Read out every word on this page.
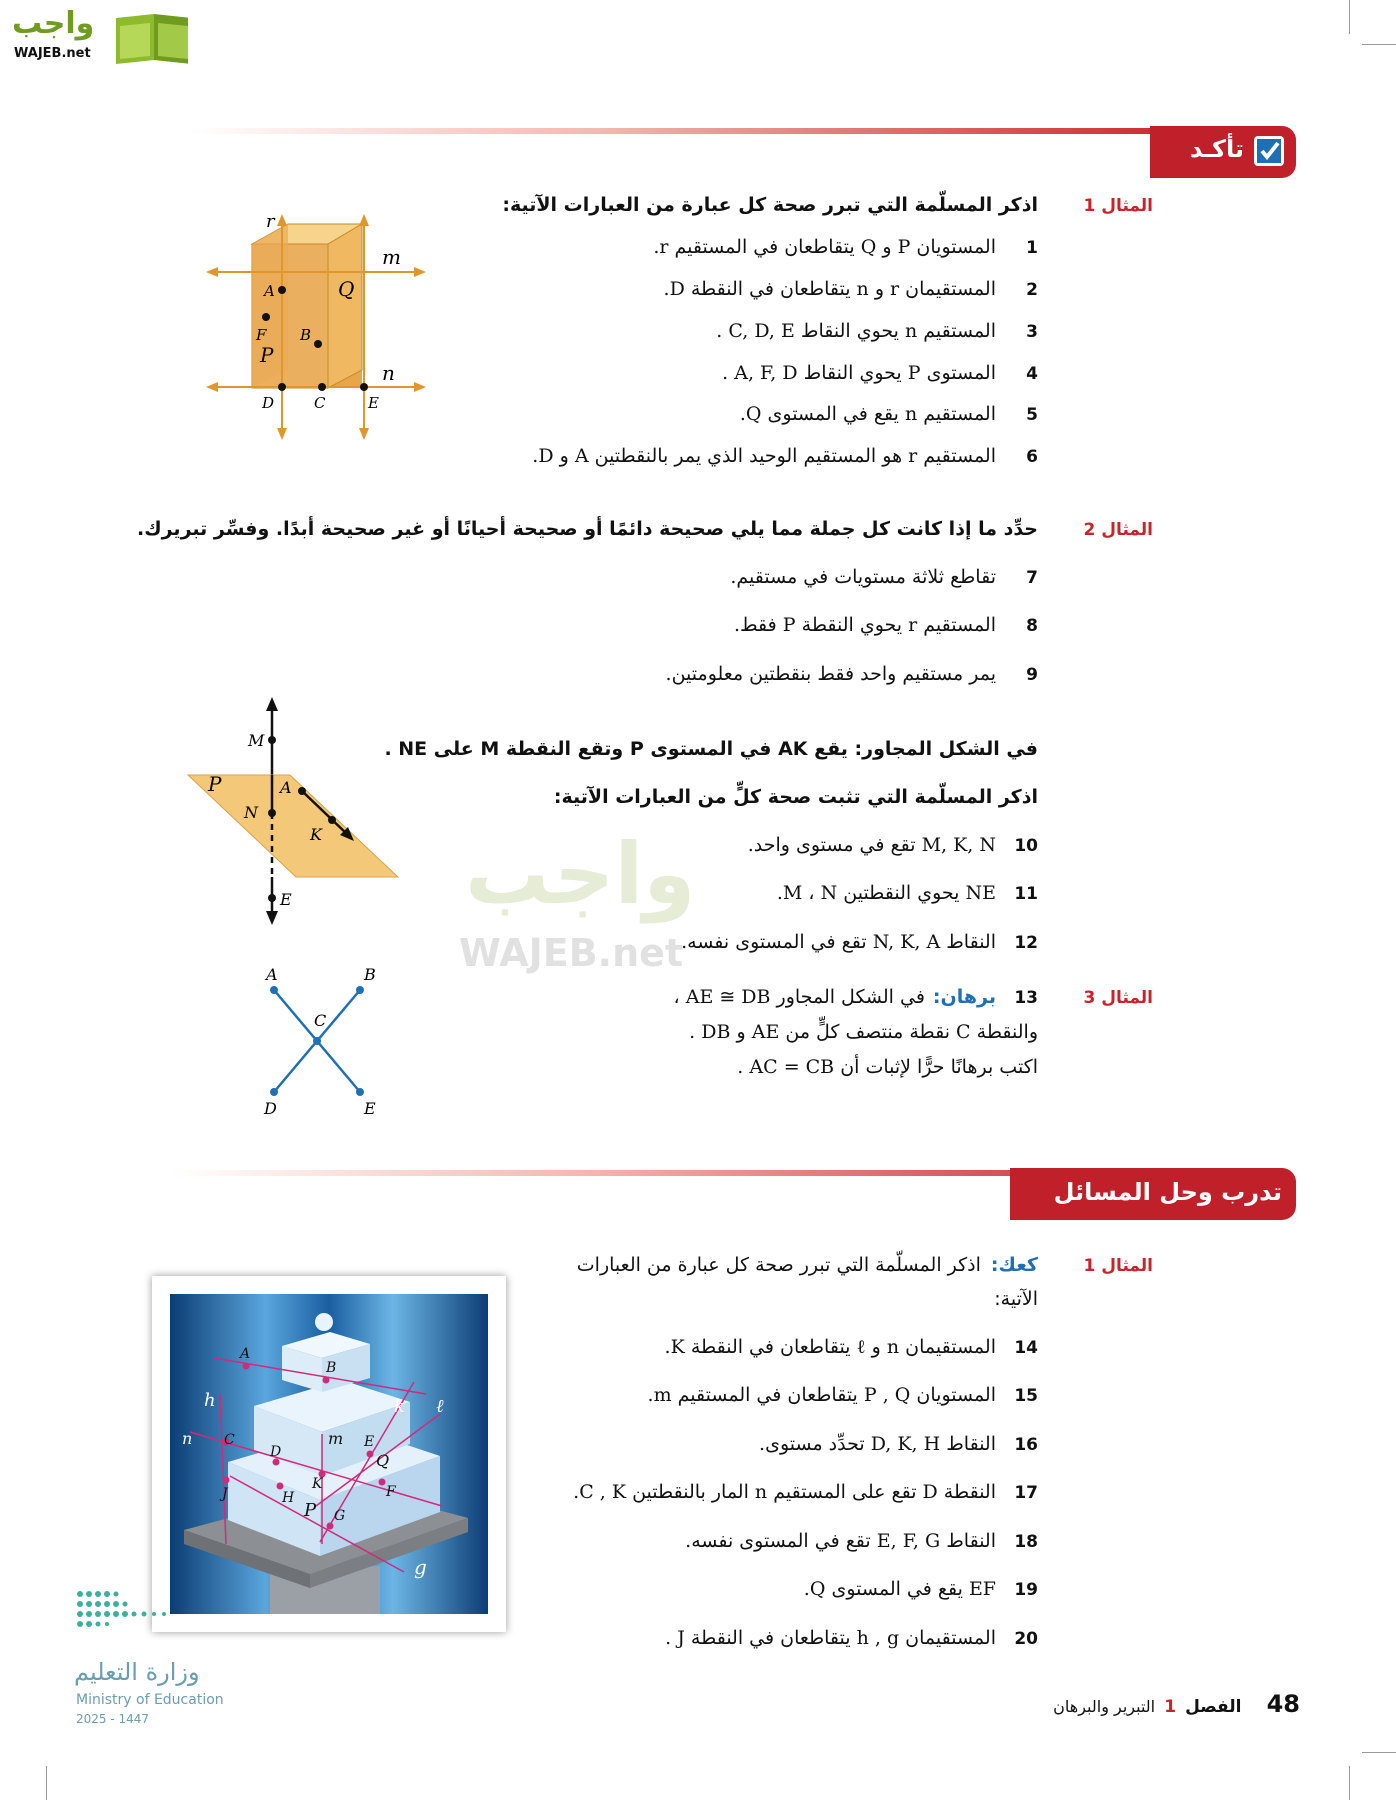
واجب
WAJEB.net
تأكـد
المثال 1
اذكر المسلّمة التي تبرر صحة كل عبارة من العبارات الآتية:
1المستويان P و Q يتقاطعان في المستقيم r.
2المستقيمان r و n يتقاطعان في النقطة D.
3المستقيم n يحوي النقاط C, D, E .
4المستوى P يحوي النقاط A, F, D .
5المستقيم n يقع في المستوى Q.
6المستقيم r هو المستقيم الوحيد الذي يمر بالنقطتين A و D.
r
m
n
A	Q
F B
P
D	C	E
المثال 2
حدِّد ما إذا كانت كل جملة مما يلي صحيحة دائمًا أو صحيحة أحيانًا أو غير صحيحة أبدًا. وفسِّر تبريرك.
7تقاطع ثلاثة مستويات في مستقيم.
8المستقيم r يحوي النقطة P فقط.
9يمر مستقيم واحد فقط بنقطتين معلومتين.
في الشكل المجاور: يقع AK في المستوى P وتقع النقطة M على NE .
اذكر المسلّمة التي تثبت صحة كلٍّ من العبارات الآتية:
10M, K, N تقع في مستوى واحد.
11NE يحوي النقطتين M ، N.
12النقاط N, K, A تقع في المستوى نفسه.
واجب
WAJEB.net
M
P	A
N
K
E
المثال 3
13برهان:في الشكل المجاور AE ≅ DB ،
والنقطة C نقطة منتصف كلٍّ من AE و DB .
اكتب برهانًا حرًّا لإثبات أن AC = CB .
A	B
C
D	E
تدرب وحل المسائل
المثال 1
كعك:اذكر المسلّمة التي تبرر صحة كل عبارة من العبارات
الآتية:
14المستقيمان n و ℓ يتقاطعان في النقطة K.
15المستويان P , Q يتقاطعان في المستقيم m.
16النقاط D, K, H تحدِّد مستوى.
17النقطة D تقع على المستقيم n المار بالنقطتين C , K.
18النقاط E, F, G تقع في المستوى نفسه.
19EF يقع في المستوى Q.
20المستقيمان h , g يتقاطعان في النقطة J .
A
B
h	k ℓ
n C
D
m E
Q
J	H
K	F
P G
g
وزارة التعليم
Ministry of Education
2025 - 1447
48 الفصل 1 التبرير والبرهان
